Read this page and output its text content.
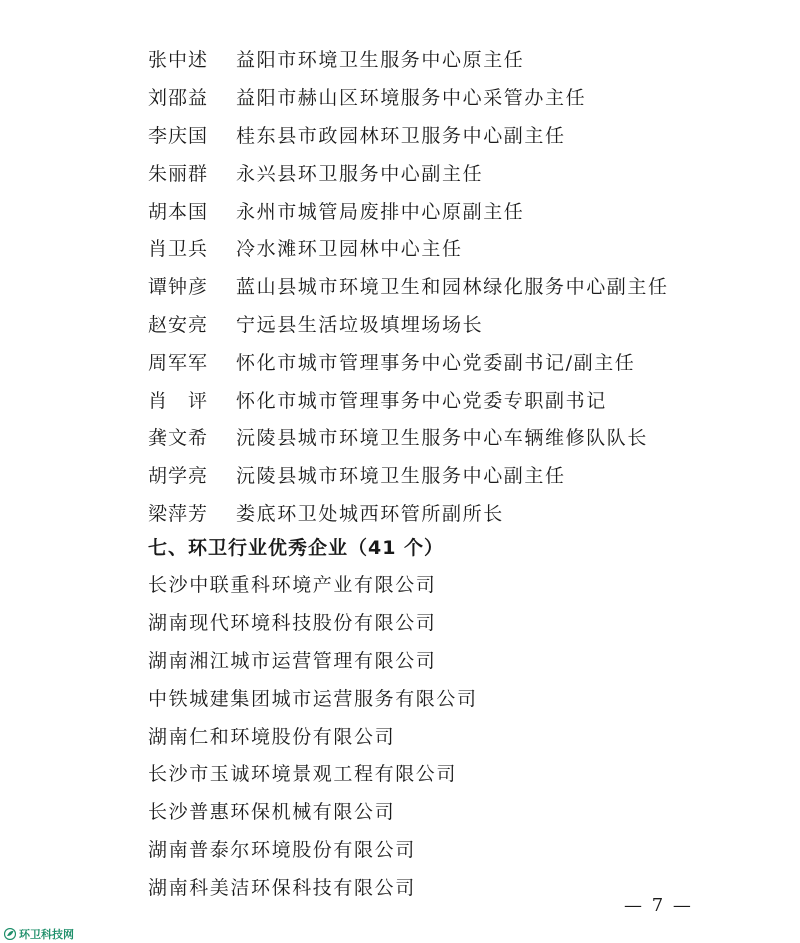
张中述	益阳市环境卫生服务中心原主任
刘邵益	益阳市赫山区环境服务中心采管办主任
李庆国	桂东县市政园林环卫服务中心副主任
朱丽群	永兴县环卫服务中心副主任
胡本国	永州市城管局废排中心原副主任
肖卫兵	冷水滩环卫园林中心主任
谭钟彦	蓝山县城市环境卫生和园林绿化服务中心副主任
赵安亮	宁远县生活垃圾填埋场场长
周军军	怀化市城市管理事务中心党委副书记/副主任
肖　评	怀化市城市管理事务中心党委专职副书记
龚文希	沅陵县城市环境卫生服务中心车辆维修队队长
胡学亮	沅陵县城市环境卫生服务中心副主任
梁萍芳	娄底环卫处城西环管所副所长
七、环卫行业优秀企业（41 个）
长沙中联重科环境产业有限公司
湖南现代环境科技股份有限公司
湖南湘江城市运营管理有限公司
中铁城建集团城市运营服务有限公司
湖南仁和环境股份有限公司
长沙市玉诚环境景观工程有限公司
长沙普惠环保机械有限公司
湖南普泰尔环境股份有限公司
湖南科美洁环保科技有限公司
— 7 —
环卫科技网
